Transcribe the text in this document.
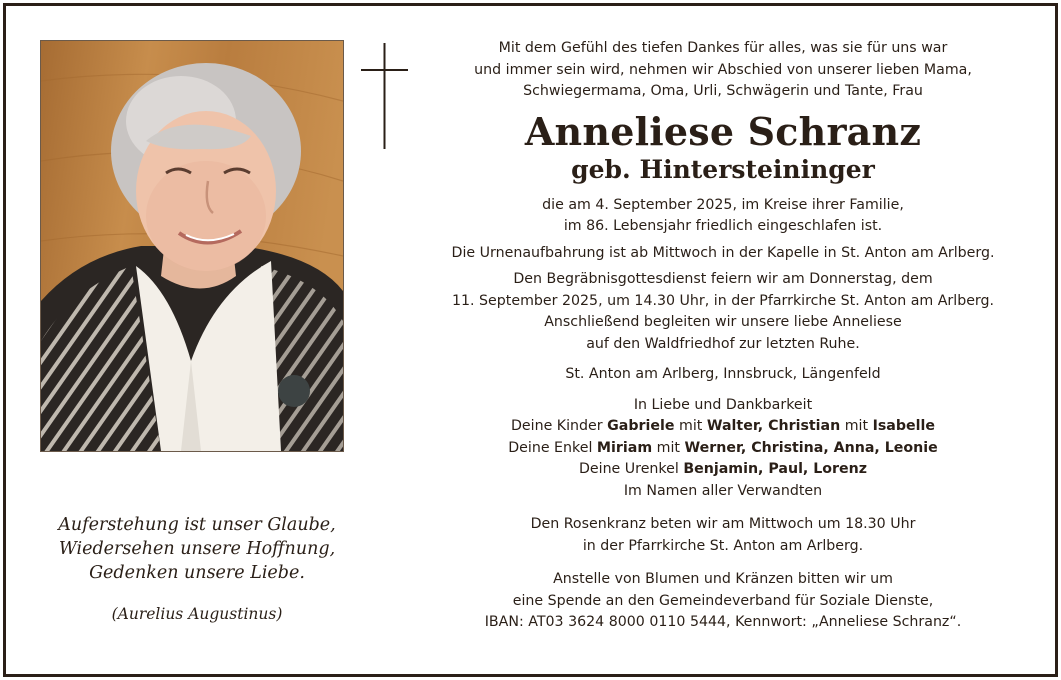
Auferstehung ist unser Glaube,
Wiedersehen unsere Hoffnung,
Gedenken unsere Liebe.
(Aurelius Augustinus)
Mit dem Gefühl des tiefen Dankes für alles, was sie für uns war
und immer sein wird, nehmen wir Abschied von unserer lieben Mama,
Schwiegermama, Oma, Urli, Schwägerin und Tante, Frau
Anneliese Schranz
geb. Hintersteininger
die am 4. September 2025, im Kreise ihrer Familie,
im 86. Lebensjahr friedlich eingeschlafen ist.
Die Urnenaufbahrung ist ab Mittwoch in der Kapelle in St. Anton am Arlberg.
Den Begräbnisgottesdienst feiern wir am Donnerstag, dem
11. September 2025, um 14.30 Uhr, in der Pfarrkirche St. Anton am Arlberg.
Anschließend begleiten wir unsere liebe Anneliese
auf den Waldfriedhof zur letzten Ruhe.
St. Anton am Arlberg, Innsbruck, Längenfeld
In Liebe und Dankbarkeit
Deine Kinder Gabriele mit Walter, Christian mit Isabelle
Deine Enkel Miriam mit Werner, Christina, Anna, Leonie
Deine Urenkel Benjamin, Paul, Lorenz
Im Namen aller Verwandten
Den Rosenkranz beten wir am Mittwoch um 18.30 Uhr
in der Pfarrkirche St. Anton am Arlberg.
Anstelle von Blumen und Kränzen bitten wir um
eine Spende an den Gemeindeverband für Soziale Dienste,
IBAN: AT03 3624 8000 0110 5444, Kennwort: „Anneliese Schranz“.
